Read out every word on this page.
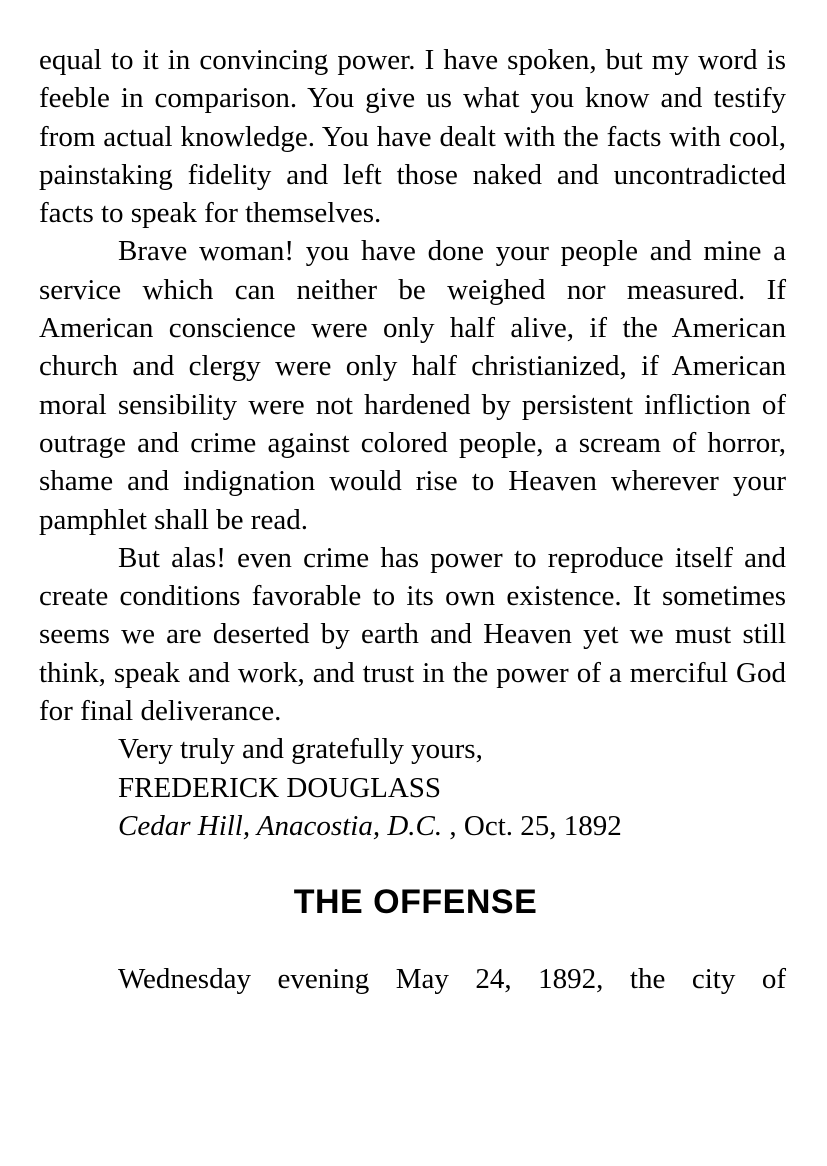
equal to it in convincing power. I have spoken, but my word is feeble in comparison. You give us what you know and testify from actual knowledge. You have dealt with the facts with cool, painstaking fidelity and left those naked and uncontradicted facts to speak for themselves.

Brave woman! you have done your people and mine a service which can neither be weighed nor measured. If American conscience were only half alive, if the American church and clergy were only half christianized, if American moral sensibility were not hardened by persistent infliction of outrage and crime against colored people, a scream of horror, shame and indignation would rise to Heaven wherever your pamphlet shall be read.

But alas! even crime has power to reproduce itself and create conditions favorable to its own existence. It sometimes seems we are deserted by earth and Heaven yet we must still think, speak and work, and trust in the power of a merciful God for final deliverance.

Very truly and gratefully yours,

FREDERICK DOUGLASS

Cedar Hill, Anacostia, D.C. , Oct. 25, 1892

THE OFFENSE

Wednesday evening May 24, 1892, the city of
